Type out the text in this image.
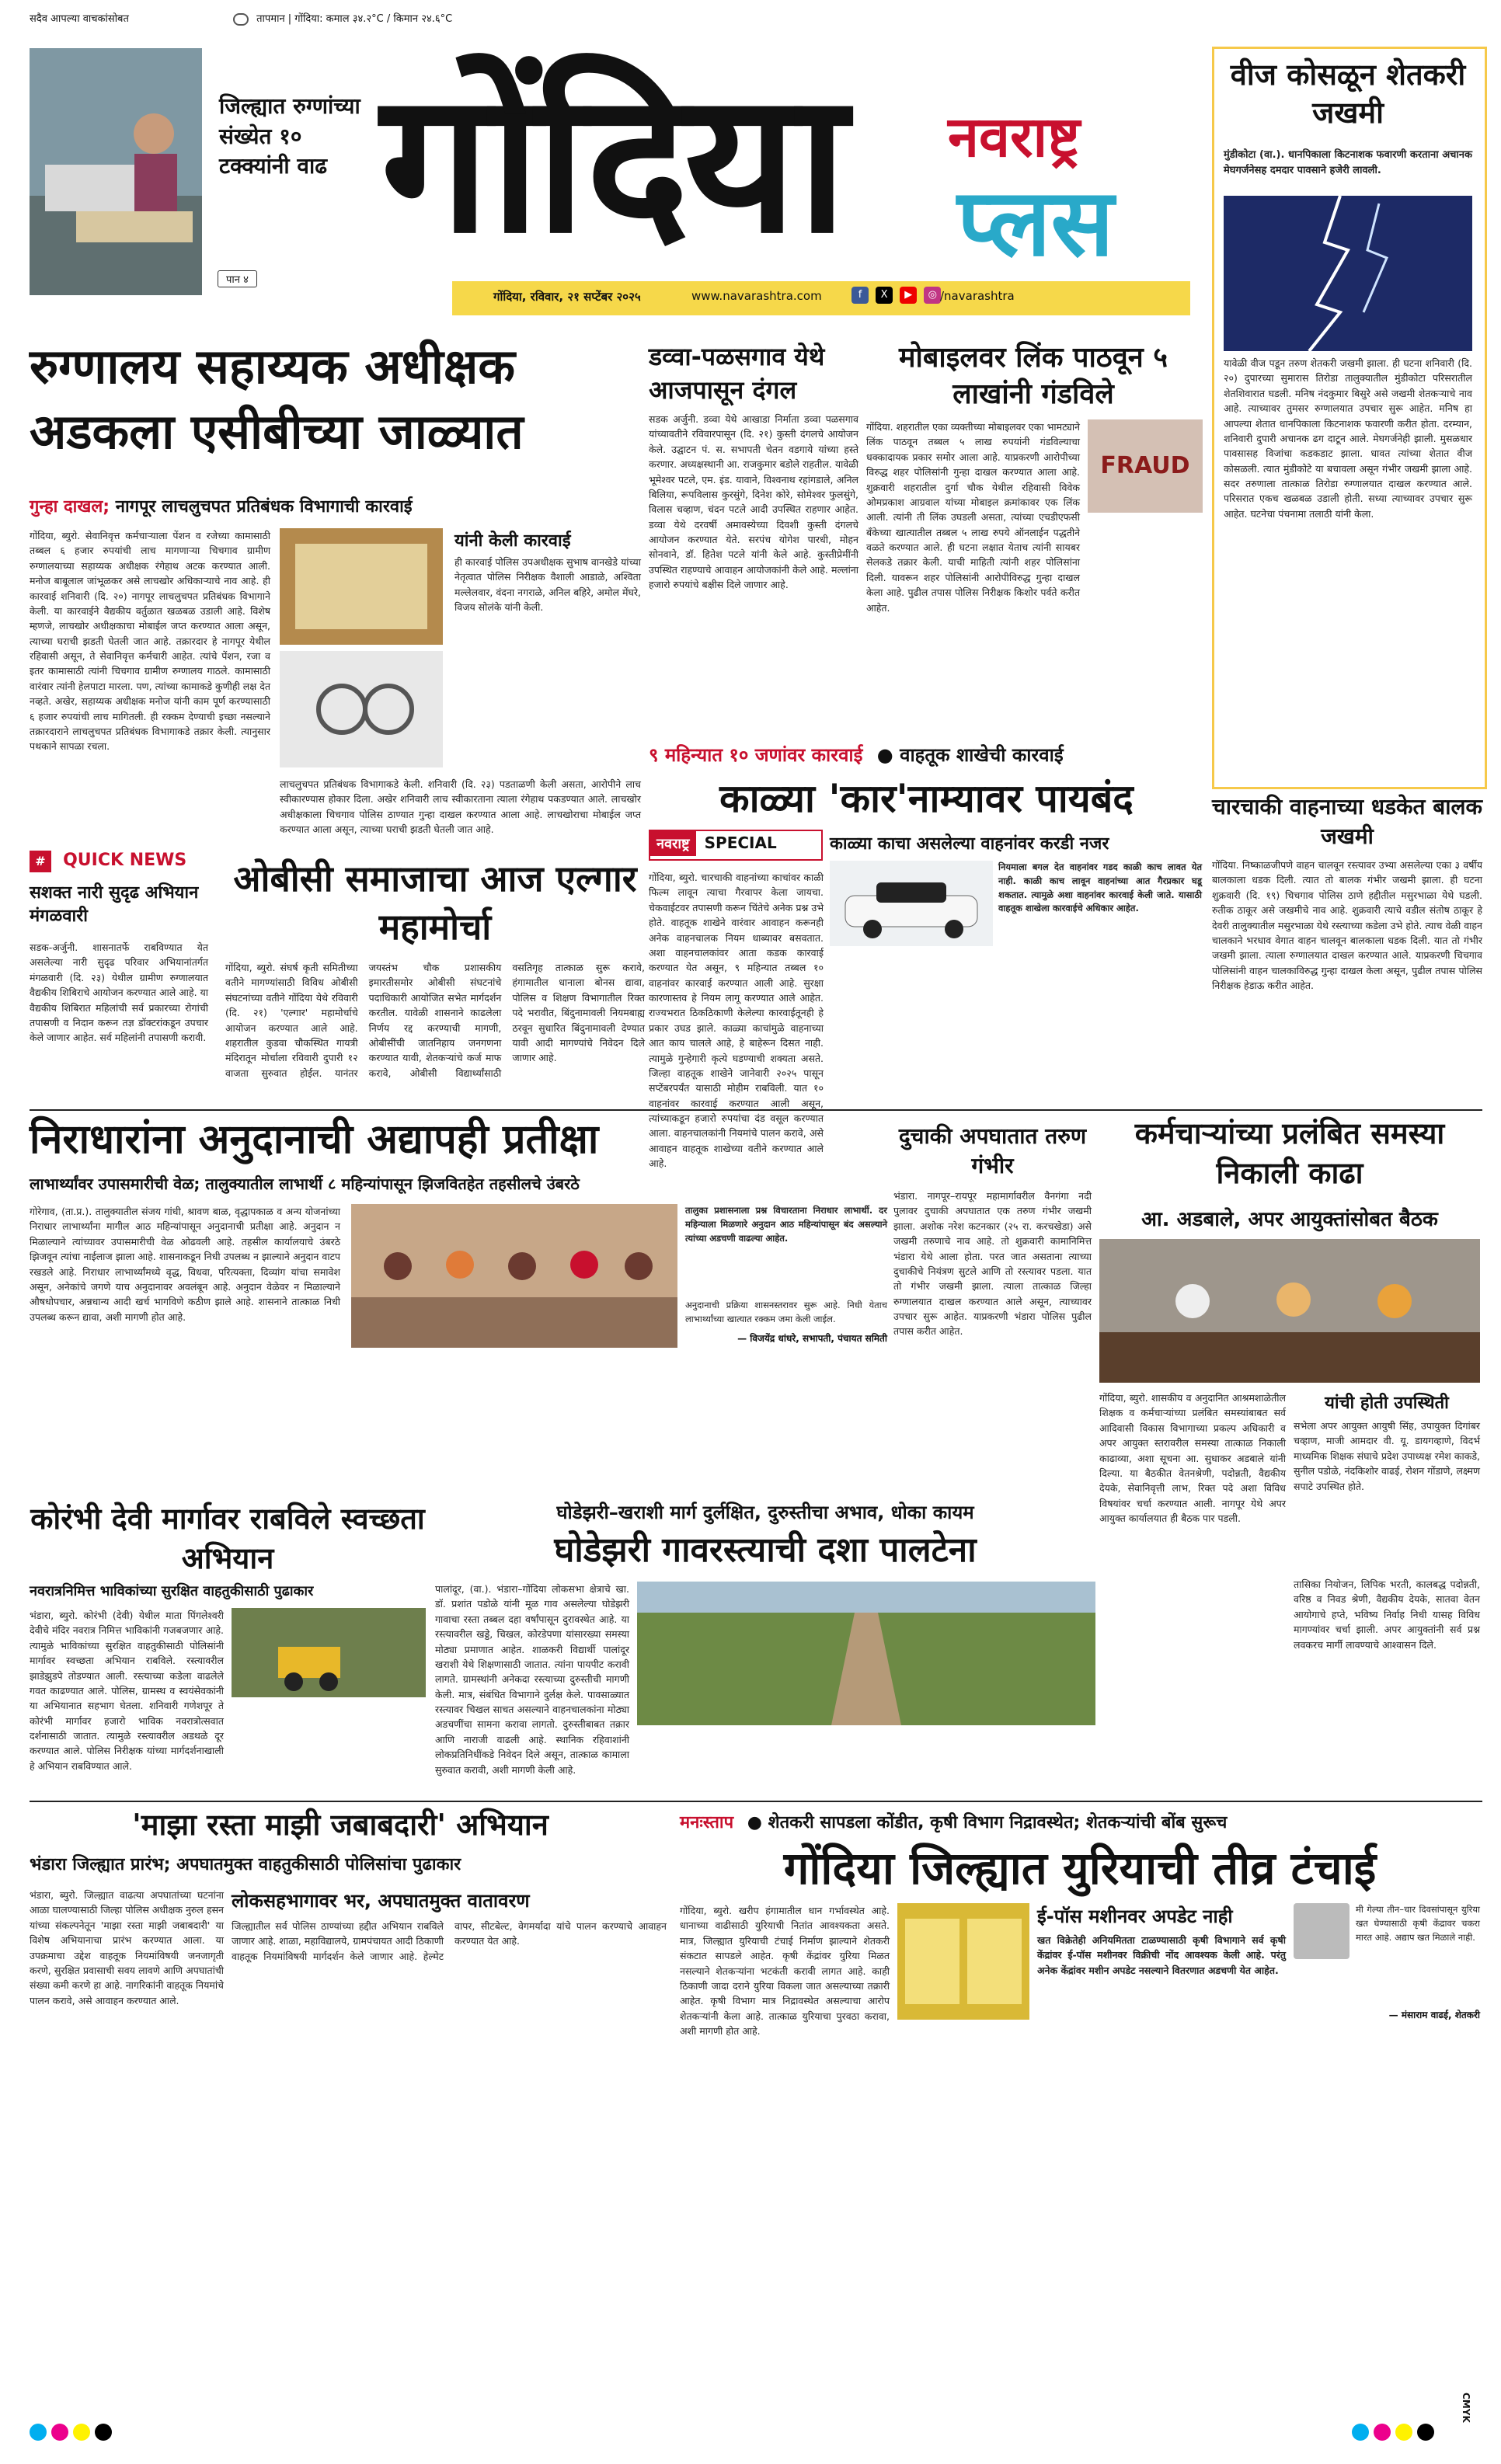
सदैव आपल्या वाचकांसोबत	तापमान | गोंदिया: कमाल ३४.२°C / किमान २४.६°C
जिल्ह्यात रुग्णांच्या संख्येत १० टक्क्यांनी वाढ
पान ४
गोंदिया	नवराष्ट्र
प्लस
गोंदिया, रविवार, २१ सप्टेंबर २०२५	www.navarashtra.com	f X ▶ ◎ /navarashtra
वीज कोसळून शेतकरी जखमी
मुंडीकोटा (वा.). धानपिकाला किटनाशक फवारणी करताना अचानक मेघगर्जनेसह दमदार पावसाने हजेरी लावली.
यावेळी वीज पडून तरुण शेतकरी जखमी झाला. ही घटना शनिवारी (दि. २०) दुपारच्या सुमारास तिरोडा तालुक्यातील मुंडीकोटा परिसरातील शेतशिवारात घडली. मनिष नंदकुमार बिसुरे असे जखमी शेतकऱ्याचे नाव आहे. त्याच्यावर तुमसर रुग्णालयात उपचार सुरू आहेत. मनिष हा आपल्या शेतात धानपिकाला किटनाशक फवारणी करीत होता. दरम्यान, शनिवारी दुपारी अचानक ढग दाटून आले. मेघगर्जनेही झाली. मुसळधार पावसासह विजांचा कडकडाट झाला. धावत त्यांच्या शेतात वीज कोसळली. त्यात मुंडीकोटे या बचावला असून गंभीर जखमी झाला आहे. सदर तरुणाला तात्काळ तिरोडा रुग्णालयात दाखल करण्यात आले. परिसरात एकच खळबळ उडाली होती. सध्या त्याच्यावर उपचार सुरू आहेत. घटनेचा पंचनामा तलाठी यांनी केला.
रुग्णालय सहाय्यक अधीक्षक अडकला एसीबीच्या जाळ्यात
गुन्हा दाखल; नागपूर लाचलुचपत प्रतिबंधक विभागाची कारवाई
गोंदिया, ब्युरो. सेवानिवृत्त कर्मचाऱ्याला पेंशन व रजेच्या कामासाठी तब्बल ६ हजार रुपयांची लाच मागणाऱ्या चिचगाव ग्रामीण रुग्णालयाच्या सहाय्यक अधीक्षक रंगेहाथ अटक करण्यात आली. मनोज बाबूलाल जांभूळकर असे लाचखोर अधिकाऱ्याचे नाव आहे. ही कारवाई शनिवारी (दि. २०) नागपूर लाचलुचपत प्रतिबंधक विभागाने केली. या कारवाईने वैद्यकीय वर्तुळात खळबळ उडाली आहे. विशेष म्हणजे, लाचखोर अधीक्षकाचा मोबाईल जप्त करण्यात आला असून, त्याच्या घराची झडती घेतली जात आहे. तक्रारदार हे नागपूर येथील रहिवासी असून, ते सेवानिवृत्त कर्मचारी आहेत. त्यांचे पेंशन, रजा व इतर कामासाठी त्यांनी चिचगाव ग्रामीण रुग्णालय गाठले. कामासाठी वारंवार त्यांनी हेलपाटा मारला. पण, त्यांच्या कामाकडे कुणीही लक्ष देत नव्हते. अखेर, सहाय्यक अधीक्षक मनोज यांनी काम पूर्ण करण्यासाठी ६ हजार रुपयांची लाच मागितली. ही रक्कम देण्याची इच्छा नसल्याने तक्रारदाराने लाचलुचपत प्रतिबंधक विभागाकडे तक्रार केली. त्यानुसार पथकाने सापळा रचला.
यांनी केली कारवाई
ही कारवाई पोलिस उपअधीक्षक सुभाष वानखेडे यांच्या नेतृत्वात पोलिस निरीक्षक वैशाली आडाळे, अश्विता मल्लेलवार, वंदना नगराळे, अनिल बहिरे, अमोल मेंघरे, विजय सोलंके यांनी केली.
लाचलुचपत प्रतिबंधक विभागाकडे केली. शनिवारी (दि. २३) पडताळणी केली असता, आरोपीने लाच स्वीकारण्यास होकार दिला. अखेर शनिवारी लाच स्वीकारताना त्याला रंगेहाथ पकडण्यात आले. लाचखोर अधीक्षकाला चिचगाव पोलिस ठाण्यात गुन्हा दाखल करण्यात आला आहे. लाचखोराचा मोबाईल जप्त करण्यात आला असून, त्याच्या घराची झडती घेतली जात आहे.
# QUICK NEWS
सशक्त नारी सुदृढ अभियान मंगळवारी
सडक-अर्जुनी. शासनातर्फे राबविण्यात येत असलेल्या नारी सुदृढ परिवार अभियानांतर्गत मंगळवारी (दि. २३) येथील ग्रामीण रुग्णालयात वैद्यकीय शिबिराचे आयोजन करण्यात आले आहे. या वैद्यकीय शिबिरात महिलांची सर्व प्रकारच्या रोगांची तपासणी व निदान करून तज्ञ डॉक्टरांकडून उपचार केले जाणार आहेत. सर्व महिलांनी तपासणी करावी.
ओबीसी समाजाचा आज एल्गार महामोर्चा
गोंदिया, ब्युरो. संघर्ष कृती समितीच्या वतीने मागण्यांसाठी विविध ओबीसी संघटनांच्या वतीने गोंदिया येथे रविवारी (दि. २१) 'एल्गार' महामोर्चाचे आयोजन करण्यात आले आहे. शहरातील कुडवा चौकस्थित गायत्री मंदिरातून मोर्चाला रविवारी दुपारी १२ वाजता सुरुवात होईल. यानंतर जयस्तंभ चौक प्रशासकीय इमारतीसमोर ओबीसी संघटनांचे पदाधिकारी आयोजित सभेत मार्गदर्शन करतील. यावेळी शासनाने काढलेला निर्णय रद्द करण्याची मागणी, ओबीसींची जातनिहाय जनगणना करण्यात यावी, शेतकऱ्यांचे कर्ज माफ करावे, ओबीसी विद्यार्थ्यांसाठी वसतिगृह तात्काळ सुरू करावे, हंगामातील धानाला बोनस द्यावा, पोलिस व शिक्षण विभागातील रिक्त पदे भरावीत, बिंदुनामावली नियमबाह्य ठरवून सुधारित बिंदुनामावली देण्यात यावी आदी मागण्यांचे निवेदन दिले जाणार आहे.
डव्वा-पळसगाव येथे आजपासून दंगल
सडक अर्जुनी. डव्वा येथे आखाडा निर्माता डव्वा पळसगाव यांच्यावतीने रविवारपासून (दि. २१) कुस्ती दंगलचे आयोजन केले. उद्घाटन पं. स. सभापती चेतन वडगाये यांच्या हस्ते करणार. अध्यक्षस्थानी आ. राजकुमार बडोले राहतील. यावेळी भूमेश्वर पटले, एम. इंड. यावाने, विश्वनाथ रहांगडाले, अनिल बिलिया, रूपविलास कुरसुंगे, दिनेश कोरे, सोमेश्वर फुलसुंगे, विलास चव्हाण, चंदन पटले आदी उपस्थित राहणार आहेत. डव्वा येथे दरवर्षी अमावस्येच्या दिवशी कुस्ती दंगलचे आयोजन करण्यात येते. सरपंच योगेश पारधी, मोहन सोनवाने, डॉ. हितेश पटले यांनी केले आहे. कुस्तीप्रेमींनी उपस्थित राहण्याचे आवाहन आयोजकांनी केले आहे. मल्लांना हजारो रुपयांचे बक्षीस दिले जाणार आहे.
मोबाइलवर लिंक पाठवून ५ लाखांनी गंडविले
FRAUD
गोंदिया. शहरातील एका व्यक्तीच्या मोबाइलवर एका भामट्याने लिंक पाठवून तब्बल ५ लाख रुपयांनी गंडविल्याचा धक्कादायक प्रकार समोर आला आहे. याप्रकरणी आरोपीच्या विरुद्ध शहर पोलिसांनी गुन्हा दाखल करण्यात आला आहे. शुक्रवारी शहरातील दुर्गा चौक येथील रहिवासी विवेक ओमप्रकाश आग्रवाल यांच्या मोबाइल क्रमांकावर एक लिंक आली. त्यांनी ती लिंक उघडली असता, त्यांच्या एचडीएफसी बँकेच्या खात्यातील तब्बल ५ लाख रुपये ऑनलाईन पद्धतीने वळते करण्यात आले. ही घटना लक्षात येताच त्यांनी सायबर सेलकडे तक्रार केली. याची माहिती त्यांनी शहर पोलिसांना दिली. यावरून शहर पोलिसांनी आरोपीविरुद्ध गुन्हा दाखल केला आहे. पुढील तपास पोलिस निरीक्षक किशोर पर्वते करीत आहेत.
चारचाकी वाहनाच्या धडकेत बालक जखमी
गोंदिया. निष्काळजीपणे वाहन चालवून रस्त्यावर उभ्या असलेल्या एका ३ वर्षीय बालकाला धडक दिली. त्यात तो बालक गंभीर जखमी झाला. ही घटना शुक्रवारी (दि. १९) चिचगाव पोलिस ठाणे हद्दीतील मसुरभाळा येथे घडली. रुतीक ठाकूर असे जखमीचे नाव आहे. शुक्रवारी त्याचे वडील संतोष ठाकूर हे देवरी तालुक्यातील मसुरभाळा येथे रस्त्याच्या कडेला उभे होते. त्याच वेळी वाहन चालकाने भरधाव वेगात वाहन चालवून बालकाला धडक दिली. यात तो गंभीर जखमी झाला. त्याला रुग्णालयात दाखल करण्यात आले. याप्रकरणी चिचगाव पोलिसांनी वाहन चालकाविरुद्ध गुन्हा दाखल केला असून, पुढील तपास पोलिस निरीक्षक हेडाऊ करीत आहेत.
९ महिन्यात १० जणांवर कारवाई ● वाहतूक शाखेची कारवाई
काळ्या 'कार'नाम्यावर पायबंद
नवराष्ट्र SPECIAL	काळ्या काचा असलेल्या वाहनांवर करडी नजर
नियमाला बगल देत वाहनांवर गडद काळी काच लावत येत नाही. काळी काच लावून वाहनांच्या आत गैरप्रकार घडू शकतात. त्यामुळे अशा वाहनांवर कारवाई केली जाते. यासाठी वाहतूक शाखेला कारवाईचे अधिकार आहेत.
गोंदिया, ब्युरो. चारचाकी वाहनांच्या काचांवर काळी फिल्म लावून त्याचा गैरवापर केला जायचा. चेकवाईटवर तपासणी करून चिंतेचे अनेक प्रश्न उभे होते. वाहतूक शाखेने वारंवार आवाहन करूनही अनेक वाहनचालक नियम धाब्यावर बसवतात. अशा वाहनचालकांवर आता कडक कारवाई करण्यात येत असून, ९ महिन्यात तब्बल १० वाहनांवर कारवाई करण्यात आली आहे. सुरक्षा कारणास्तव हे नियम लागू करण्यात आले आहेत. राज्यभरात ठिकठिकाणी केलेल्या कारवाईतूनही हे प्रकार उघड झाले. काळ्या काचांमुळे वाहनाच्या आत काय चालले आहे, हे बाहेरून दिसत नाही. त्यामुळे गुन्हेगारी कृत्ये घडण्याची शक्यता असते. जिल्हा वाहतूक शाखेने जानेवारी २०२५ पासून सप्टेंबरपर्यंत यासाठी मोहीम राबविली. यात १० वाहनांवर कारवाई करण्यात आली असून, त्यांच्याकडून हजारो रुपयांचा दंड वसूल करण्यात आला. वाहनचालकांनी नियमांचे पालन करावे, असे आवाहन वाहतूक शाखेच्या वतीने करण्यात आले आहे.
निराधारांना अनुदानाची अद्यापही प्रतीक्षा
लाभार्थ्यांवर उपासमारीची वेळ; तालुक्यातील लाभार्थी ८ महिन्यांपासून झिजवितहेत तहसीलचे उंबरठे
गोरेगाव, (ता.प्र.). तालुक्यातील संजय गांधी, श्रावण बाळ, वृद्धापकाळ व अन्य योजनांच्या निराधार लाभार्थ्यांना मागील आठ महिन्यांपासून अनुदानाची प्रतीक्षा आहे. अनुदान न मिळाल्याने त्यांच्यावर उपासमारीची वेळ ओढवली आहे. तहसील कार्यालयाचे उंबरठे झिजवून त्यांचा नाईलाज झाला आहे. शासनाकडून निधी उपलब्ध न झाल्याने अनुदान वाटप रखडले आहे. निराधार लाभार्थ्यांमध्ये वृद्ध, विधवा, परित्यक्ता, दिव्यांग यांचा समावेश असून, अनेकांचे जगणे याच अनुदानावर अवलंबून आहे. अनुदान वेळेवर न मिळाल्याने औषधोपचार, अन्नधान्य आदी खर्च भागविणे कठीण झाले आहे. शासनाने तात्काळ निधी उपलब्ध करून द्यावा, अशी मागणी होत आहे.
तालुका प्रशासनाला प्रश्न विचारताना निराधार लाभार्थी. दर महिन्याला मिळणारे अनुदान आठ महिन्यांपासून बंद असल्याने त्यांच्या अडचणी वाढल्या आहेत.
अनुदानाची प्रक्रिया शासनस्तरावर सुरू आहे. निधी येताच लाभार्थ्यांच्या खात्यात रक्कम जमा केली जाईल.
— विजयेंद्र धांधरे, सभापती, पंचायत समिती
दुचाकी अपघातात तरुण गंभीर
भंडारा. नागपूर–रायपूर महामार्गावरील वैनगंगा नदी पुलावर दुचाकी अपघातात एक तरुण गंभीर जखमी झाला. अशोक नरेश कटनकार (२५ रा. करचखेडा) असे जखमी तरुणाचे नाव आहे. तो शुक्रवारी कामानिमित्त भंडारा येथे आला होता. परत जात असताना त्याच्या दुचाकीचे नियंत्रण सुटले आणि तो रस्त्यावर पडला. यात तो गंभीर जखमी झाला. त्याला तात्काळ जिल्हा रुग्णालयात दाखल करण्यात आले असून, त्याच्यावर उपचार सुरू आहेत. याप्रकरणी भंडारा पोलिस पुढील तपास करीत आहेत.
कर्मचाऱ्यांच्या प्रलंबित समस्या निकाली काढा
आ. अडबाले, अपर आयुक्तांसोबत बैठक
गोंदिया, ब्युरो. शासकीय व अनुदानित आश्रमशाळेतील शिक्षक व कर्मचाऱ्यांच्या प्रलंबित समस्यांबाबत सर्व आदिवासी विकास विभागाच्या प्रकल्प अधिकारी व अपर आयुक्त स्तरावरील समस्या तात्काळ निकाली काढाव्या, अशा सूचना आ. सुधाकर अडबाले यांनी दिल्या. या बैठकीत वेतनश्रेणी, पदोन्नती, वैद्यकीय देयके, सेवानिवृत्ती लाभ, रिक्त पदे अशा विविध विषयांवर चर्चा करण्यात आली. नागपूर येथे अपर आयुक्त कार्यालयात ही बैठक पार पडली.
यांची होती उपस्थिती
सभेला अपर आयुक्त आयुषी सिंह, उपायुक्त दिगांबर चव्हाण, माजी आमदार वी. यू. डायगव्हाणे, विदर्भ माध्यमिक शिक्षक संघाचे प्रदेश उपाध्यक्ष रमेश काकडे, सुनील पडोळे, नंदकिशोर वाढई, रोशन गोंडाणे, लक्ष्मण सपाटे उपस्थित होते.
तासिका नियोजन, लिपिक भरती, कालबद्ध पदोन्नती, वरिष्ठ व निवड श्रेणी, वैद्यकीय देयके, सातवा वेतन आयोगाचे हप्ते, भविष्य निर्वाह निधी यासह विविध मागण्यांवर चर्चा झाली. अपर आयुक्तांनी सर्व प्रश्न लवकरच मार्गी लावण्याचे आश्वासन दिले.
कोरंभी देवी मार्गावर राबविले स्वच्छता अभियान
नवरात्रनिमित्त भाविकांच्या सुरक्षित वाहतुकीसाठी पुढाकार
भंडारा, ब्युरो. कोरंभी (देवी) येथील माता पिंगलेश्वरी देवीचे मंदिर नवरात्र निमित्त भाविकांनी गजबजणार आहे. त्यामुळे भाविकांच्या सुरक्षित वाहतुकीसाठी पोलिसांनी मार्गावर स्वच्छता अभियान राबविले. रस्त्यावरील झाडेझुडपे तोडण्यात आली. रस्त्याच्या कडेला वाढलेले गवत काढण्यात आले. पोलिस, ग्रामस्थ व स्वयंसेवकांनी या अभियानात सहभाग घेतला. शनिवारी गणेशपूर ते कोरंभी मार्गावर हजारो भाविक नवरात्रोत्सवात दर्शनासाठी जातात. त्यामुळे रस्त्यावरील अडथळे दूर करण्यात आले. पोलिस निरीक्षक यांच्या मार्गदर्शनाखाली हे अभियान राबविण्यात आले.
घोडेझरी–खराशी मार्ग दुर्लक्षित, दुरुस्तीचा अभाव, धोका कायम
घोडेझरी गावरस्त्याची दशा पालटेना
पालांदूर, (वा.). भंडारा–गोंदिया लोकसभा क्षेत्राचे खा. डॉ. प्रशांत पडोळे यांनी मूळ गाव असलेल्या घोडेझरी गावाचा रस्ता तब्बल दहा वर्षांपासून दुरावस्थेत आहे. या रस्त्यावरील खड्डे, चिखल, कोरडेपणा यांसारख्या समस्या मोठ्या प्रमाणात आहेत. शाळकरी विद्यार्थी पालांदूर खराशी येथे शिक्षणासाठी जातात. त्यांना पायपीट करावी लागते. ग्रामस्थांनी अनेकदा रस्त्याच्या दुरुस्तीची मागणी केली. मात्र, संबंधित विभागाने दुर्लक्ष केले. पावसाळ्यात रस्त्यावर चिखल साचत असल्याने वाहनचालकांना मोठ्या अडचणींचा सामना करावा लागतो. दुरुस्तीबाबत तक्रार आणि नाराजी वाढली आहे. स्थानिक रहिवाशांनी लोकप्रतिनिधींकडे निवेदन दिले असून, तात्काळ कामाला सुरुवात करावी, अशी मागणी केली आहे.
'माझा रस्ता माझी जबाबदारी' अभियान
भंडारा जिल्ह्यात प्रारंभ; अपघातमुक्त वाहतुकीसाठी पोलिसांचा पुढाकार
भंडारा, ब्युरो. जिल्ह्यात वाढत्या अपघातांच्या घटनांना आळा घालण्यासाठी जिल्हा पोलिस अधीक्षक नुरुल हसन यांच्या संकल्पनेतून 'माझा रस्ता माझी जबाबदारी' या विशेष अभियानाचा प्रारंभ करण्यात आला. या उपक्रमाचा उद्देश वाहतूक नियमांविषयी जनजागृती करणे, सुरक्षित प्रवासाची सवय लावणे आणि अपघातांची संख्या कमी करणे हा आहे. नागरिकांनी वाहतूक नियमांचे पालन करावे, असे आवाहन करण्यात आले.
लोकसहभागावर भर, अपघातमुक्त वातावरण
जिल्ह्यातील सर्व पोलिस ठाण्यांच्या हद्दीत अभियान राबविले जाणार आहे. शाळा, महाविद्यालये, ग्रामपंचायत आदी ठिकाणी वाहतूक नियमांविषयी मार्गदर्शन केले जाणार आहे. हेल्मेट वापर, सीटबेल्ट, वेगमर्यादा यांचे पालन करण्याचे आवाहन करण्यात येत आहे.
मनःस्ताप ● शेतकरी सापडला कोंडीत, कृषी विभाग निद्रावस्थेत; शेतकऱ्यांची बोंब सुरूच
गोंदिया जिल्ह्यात युरियाची तीव्र टंचाई
गोंदिया, ब्युरो. खरीप हंगामातील धान गर्भावस्थेत आहे. धानाच्या वाढीसाठी युरियाची नितांत आवश्यकता असते. मात्र, जिल्ह्यात युरियाची टंचाई निर्माण झाल्याने शेतकरी संकटात सापडले आहेत. कृषी केंद्रांवर युरिया मिळत नसल्याने शेतकऱ्यांना भटकंती करावी लागत आहे. काही ठिकाणी जादा दराने युरिया विकला जात असल्याच्या तक्रारी आहेत. कृषी विभाग मात्र निद्रावस्थेत असल्याचा आरोप शेतकऱ्यांनी केला आहे. तात्काळ युरियाचा पुरवठा करावा, अशी मागणी होत आहे.
ई-पॉस मशीनवर अपडेट नाही
खत विक्रेतेही अनियमितता टाळण्यासाठी कृषी विभागाने सर्व कृषी केंद्रांवर ई-पॉस मशीनवर विक्रीची नोंद आवश्यक केली आहे. परंतु अनेक केंद्रांवर मशीन अपडेट नसल्याने वितरणात अडचणी येत आहेत.
मी गेल्या तीन–चार दिवसांपासून युरिया खत घेण्यासाठी कृषी केंद्रावर चकरा मारत आहे. अद्याप खत मिळाले नाही.
— मंसाराम वाढई, शेतकरी
CMYK
